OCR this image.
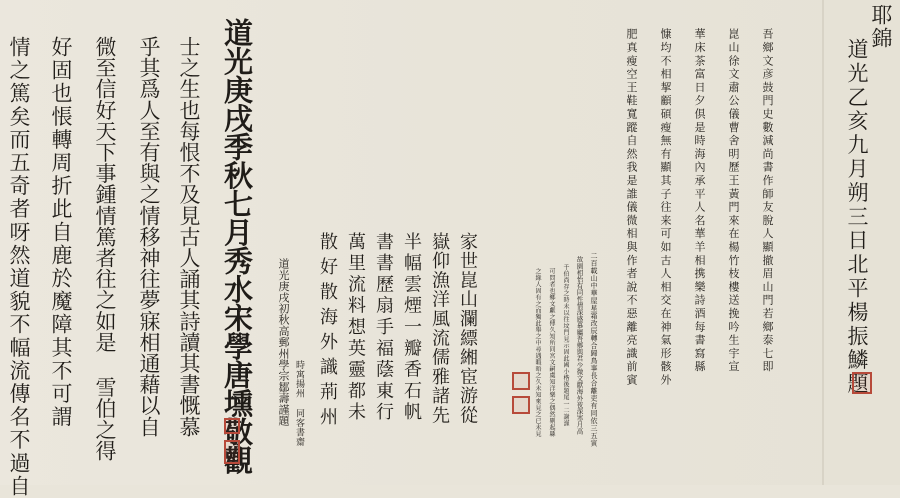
情之篤矣而五奇者呀然道貌不幅流傳名不過自 好固也悵轉周折此自鹿於魔障其不可謂 微至信好天下事鍾情篤者往之如是 雪伯之得 乎其爲人至有與之情移神往夢寐相通藉以自 士之生也每恨不及見古人誦其詩讀其書慨慕 道光庚戌季秋七月秀水宋學唐壎敬觀 道光庚戌初秋高郵州學宗鄒壽謹題 時寓揚州 同客書齋 散好散海外識荊州 萬里流料想英靈都未 書書歷扇手福蔭東行 半幅雲煙一瓣香石帆 嶽仰漁洋風流儒雅諸先 家世崑山瀾縹緗宦游從	之緣人固有之而獨此舉之中尋遇暇晤之久未知來見之已未見 可問者也鄉文獻之傳久知所同宮文嗣虞知洋樂之偶然剔起縣 千伯尚存之時未以往坟門見示固此國小楷後題尾一二謝謹 故園相怡有同性情深感慕屬吾鄉與君少微文獻海外夜深寒月高 二百載山中華屋星霜改辰轉合歸鳥事長合離吏有同依三五寅 肥真瘦空王鞋寬蹤自然我是誰儀微相與作者說不惡離亮識前賓 慷均不相挈顧碩瘦無有顯其子往来可如古人相交在神氣形骸外 華床茶富日夕倶是時海內承平人名華羊相携樂詩酒每書寫縣 崑山徐文肅公儀曹舍明歷王黃門來在楊竹枝樓送挽吟生宇宣 吾鄉文彦鼓門史數減尚書作師友脫人顯撤眉山門若鄉泰七即	道光乙亥九月朔三日北平楊振鱗題
耶錦
